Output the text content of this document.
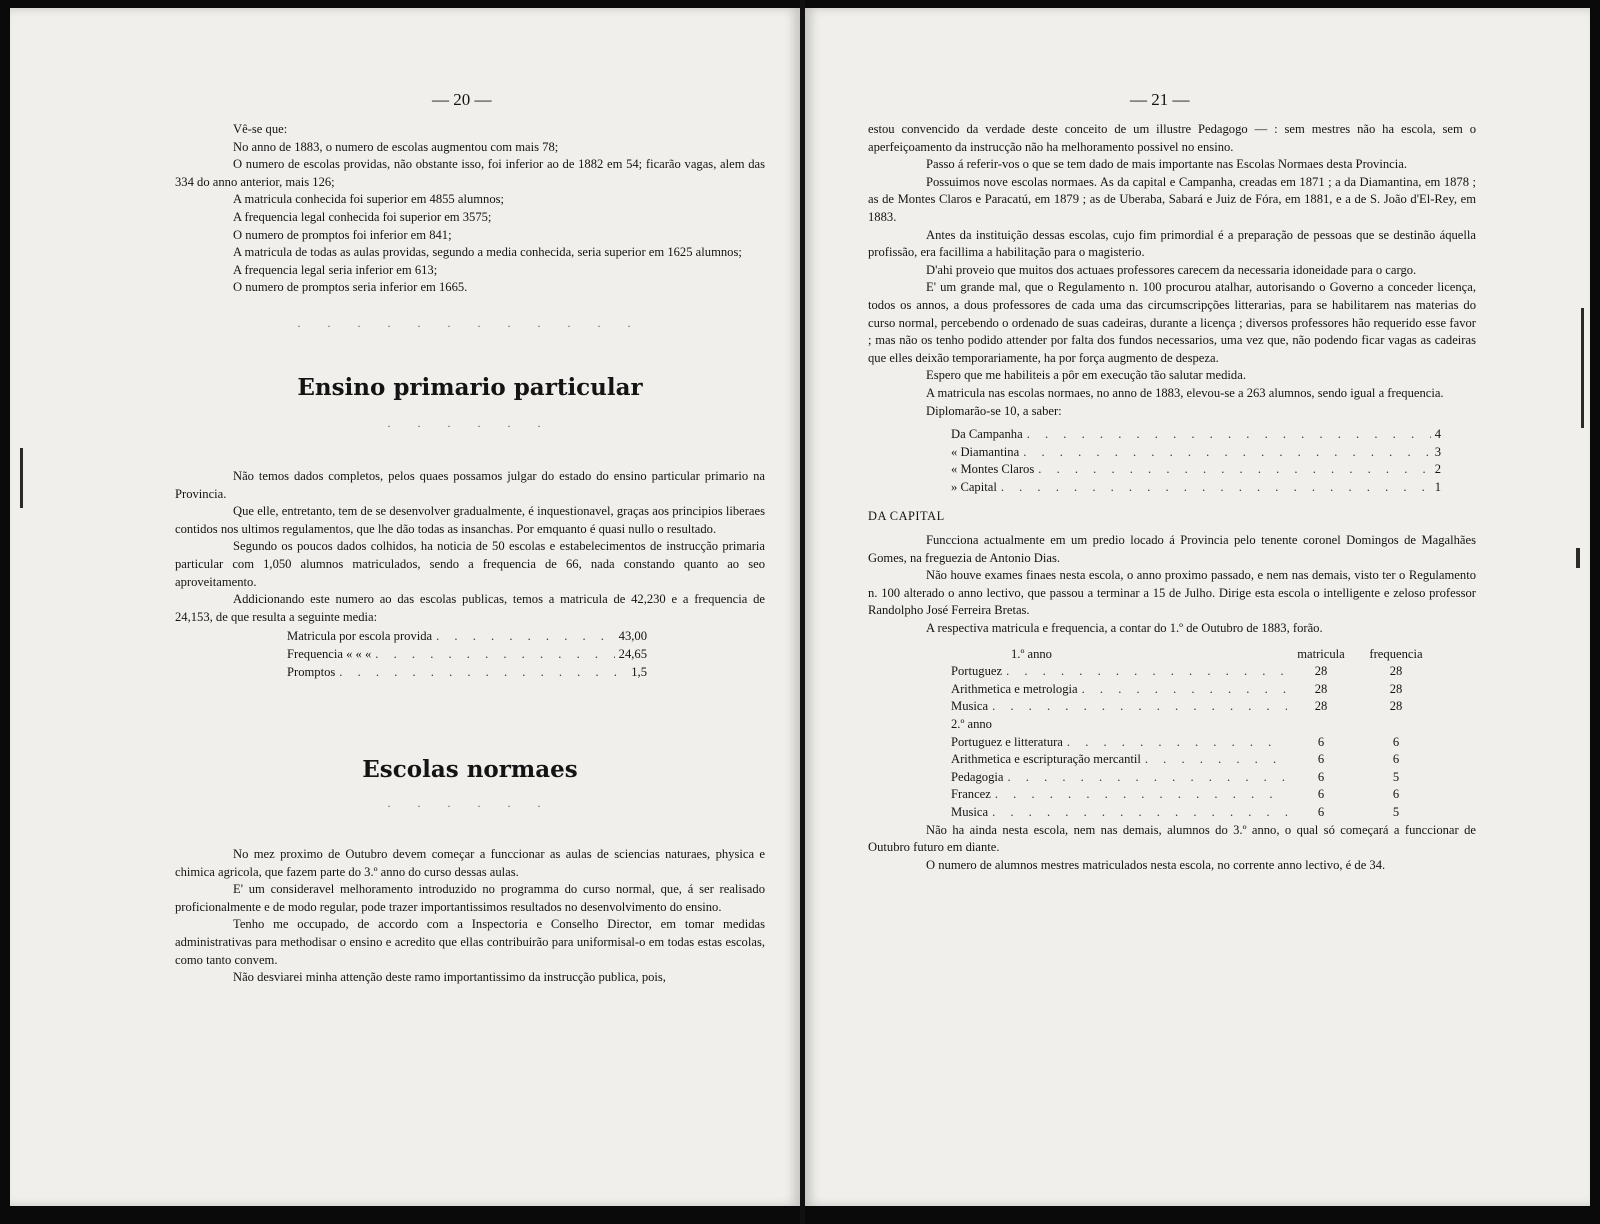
— 20 —

Vê-se que:

No anno de 1883, o numero de escolas augmentou com mais 78;

O numero de escolas providas, não obstante isso, foi inferior ao de 1882 em 54; ficarão vagas, alem das 334 do anno anterior, mais 126;

A matricula conhecida foi superior em 4855 alumnos;

A frequencia legal conhecida foi superior em 3575;

O numero de promptos foi inferior em 841;

A matricula de todas as aulas providas, segundo a media conhecida, seria superior em 1625 alumnos;

A frequencia legal seria inferior em 613;

O numero de promptos seria inferior em 1665.

. . . . . . . . . . . .
Ensino primario particular
. . . . . .

Não temos dados completos, pelos quaes possamos julgar do estado do ensino particular primario na Provincia.

Que elle, entretanto, tem de se desenvolver gradualmente, é inquestionavel, graças aos principios liberaes contidos nos ultimos regulamentos, que lhe dão todas as insanchas. Por emquanto é quasi nullo o resultado.

Segundo os poucos dados colhidos, ha noticia de 50 escolas e estabelecimentos de instrucção primaria particular com 1,050 alumnos matriculados, sendo a frequencia de 66, nada constando quanto ao seo aproveitamento.

Addicionando este numero ao das escolas publicas, temos a matricula de 42,230 e a frequencia de 24,153, de que resulta a seguinte media:

Matricula por escola provida . . .	43,00
Frequencia « « « . . .	24,65
Promptos . . .	1,5
Escolas normaes
. . . . . .

No mez proximo de Outubro devem começar a funccionar as aulas de sciencias naturaes, physica e chimica agricola, que fazem parte do 3.º anno do curso dessas aulas.

E' um consideravel melhoramento introduzido no programma do curso normal, que, á ser realisado proficionalmente e de modo regular, pode trazer importantissimos resultados no desenvolvimento do ensino.

Tenho me occupado, de accordo com a Inspectoria e Conselho Director, em tomar medidas administrativas para methodisar o ensino e acredito que ellas contribuirão para uniformisal-o em todas estas escolas, como tanto convem.

Não desviarei minha attenção deste ramo importantissimo da instrucção publica, pois,

— 21 —

estou convencido da verdade deste conceito de um illustre Pedagogo — : sem mestres não ha escola, sem o aperfeiçoamento da instrucção não ha melhoramento possivel no ensino.

Passo á referir-vos o que se tem dado de mais importante nas Escolas Normaes desta Provincia.

Possuimos nove escolas normaes. As da capital e Campanha, creadas em 1871 ; a da Diamantina, em 1878 ; as de Montes Claros e Paracatú, em 1879 ; as de Uberaba, Sabará e Juiz de Fóra, em 1881, e a de S. João d'El-Rey, em 1883.

Antes da instituição dessas escolas, cujo fim primordial é a preparação de pessoas que se destinão áquella profissão, era facillima a habilitação para o magisterio.

D'ahi proveio que muitos dos actuaes professores carecem da necessaria idoneidade para o cargo.

E' um grande mal, que o Regulamento n. 100 procurou atalhar, autorisando o Governo a conceder licença, todos os annos, a dous professores de cada uma das circumscripções litterarias, para se habilitarem nas materias do curso normal, percebendo o ordenado de suas cadeiras, durante a licença ; diversos professores hão requerido esse favor ; mas não os tenho podido attender por falta dos fundos necessarios, uma vez que, não podendo ficar vagas as cadeiras que elles deixão temporariamente, ha por força augmento de despeza.

Espero que me habiliteis a pôr em execução tão salutar medida.

A matricula nas escolas normaes, no anno de 1883, elevou-se a 263 alumnos, sendo igual a frequencia.

Diplomarão-se 10, a saber:

Da Campanha . . .	4
« Diamantina . . .	3
« Montes Claros . . .	2
» Capital . . .	1

DA CAPITAL

Funcciona actualmente em um predio locado á Provincia pelo tenente coronel Domingos de Magalhães Gomes, na freguezia de Antonio Dias.

Não houve exames finaes nesta escola, o anno proximo passado, e nem nas demais, visto ter o Regulamento n. 100 alterado o anno lectivo, que passou a terminar a 15 de Julho. Dirige esta escola o intelligente e zeloso professor Randolpho José Ferreira Bretas.

A respectiva matricula e frequencia, a contar do 1.º de Outubro de 1883, forão.

1.º anno	matricula	frequencia
Portuguez . . .	28	28
Arithmetica e metrologia . . .	28	28
Musica . . .	28	28
2.º anno
Portuguez e litteratura . . .	6	6
Arithmetica e escripturação mercantil . . .	6	6
Pedagogia . . .	6	5
Francez . . .	6	6
Musica . . .	6	5

Não ha ainda nesta escola, nem nas demais, alumnos do 3.º anno, o qual só começará a funccionar de Outubro futuro em diante.

O numero de alumnos mestres matriculados nesta escola, no corrente anno lectivo, é de 34.
